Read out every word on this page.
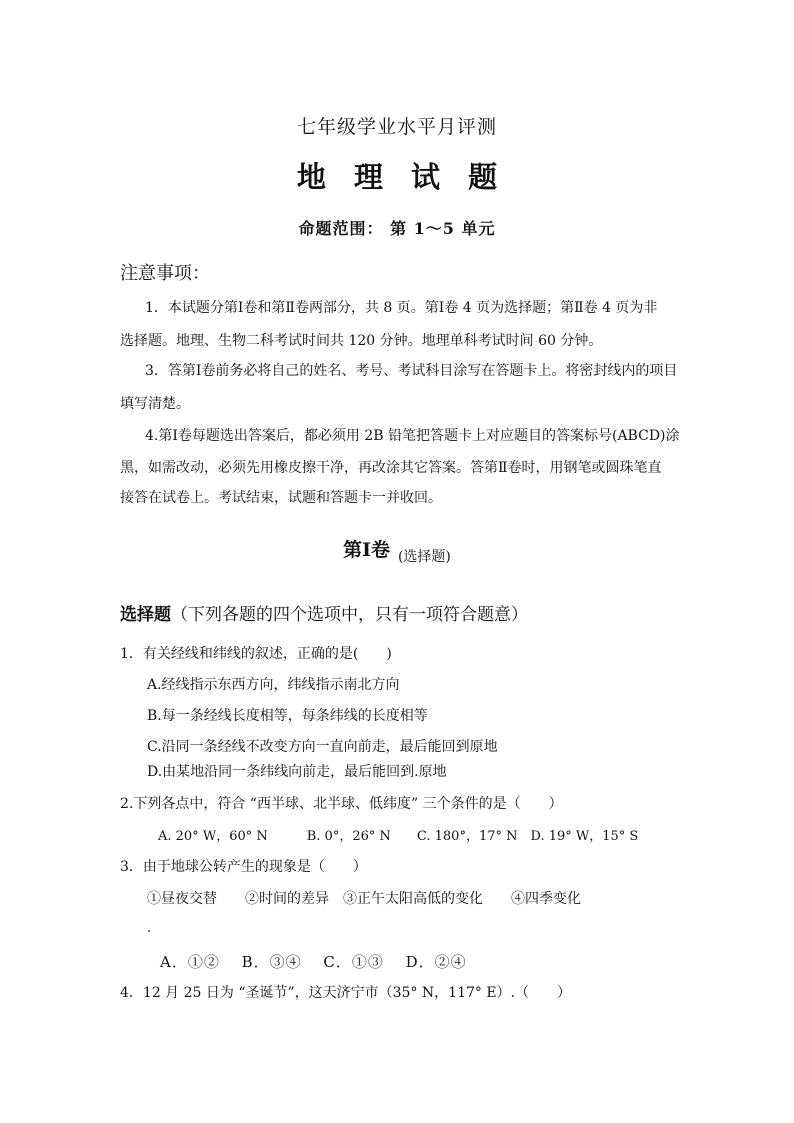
七年级学业水平月评测
地 理 试 题
命题范围： 第 1～5 单元
注意事项：
1．本试题分第Ⅰ卷和第Ⅱ卷两部分，共 8 页。第Ⅰ卷 4 页为选择题；第Ⅱ卷 4 页为非
选择题。地理、生物二科考试时间共 120 分钟。地理单科考试时间 60 分钟。
3．答第Ⅰ卷前务必将自己的姓名、考号、考试科目涂写在答题卡上。将密封线内的项目
填写清楚。
4.第Ⅰ卷每题选出答案后，都必须用 2B 铅笔把答题卡上对应题目的答案标号(ABCD)涂
黑，如需改动，必须先用橡皮擦干净，再改涂其它答案。答第Ⅱ卷时，用钢笔或圆珠笔直
接答在试卷上。考试结束，试题和答题卡一并收回。
第Ⅰ卷 $_{(选择题)}$
选择题（下列各题的四个选项中，只有一项符合题意）
1．有关经线和纬线的叙述，正确的是(　　)
A.经线指示东西方向，纬线指示南北方向
B.每一条经线长度相等，每条纬线的长度相等
C.沿同一条经线不改变方向一直向前走，最后能回到原地
D.由某地沿同一条纬线向前走，最后能回到.原地
2.下列各点中，符合 “西半球、北半球、低纬度” 三个条件的是（　　）
A. 20° W，60° N　　　B. 0°，26° N　　C. 180°，17° N　D. 19° W，15° S
3．由于地球公转产生的现象是（　　）
①昼夜交替　　②时间的差异　③正午太阳高低的变化　　④四季变化
A．①②　 B．③④　 C．①③　 D．②④
4．12 月 25 日为 “圣诞节”，这天济宁市（35° N，117° E）.（　　）
